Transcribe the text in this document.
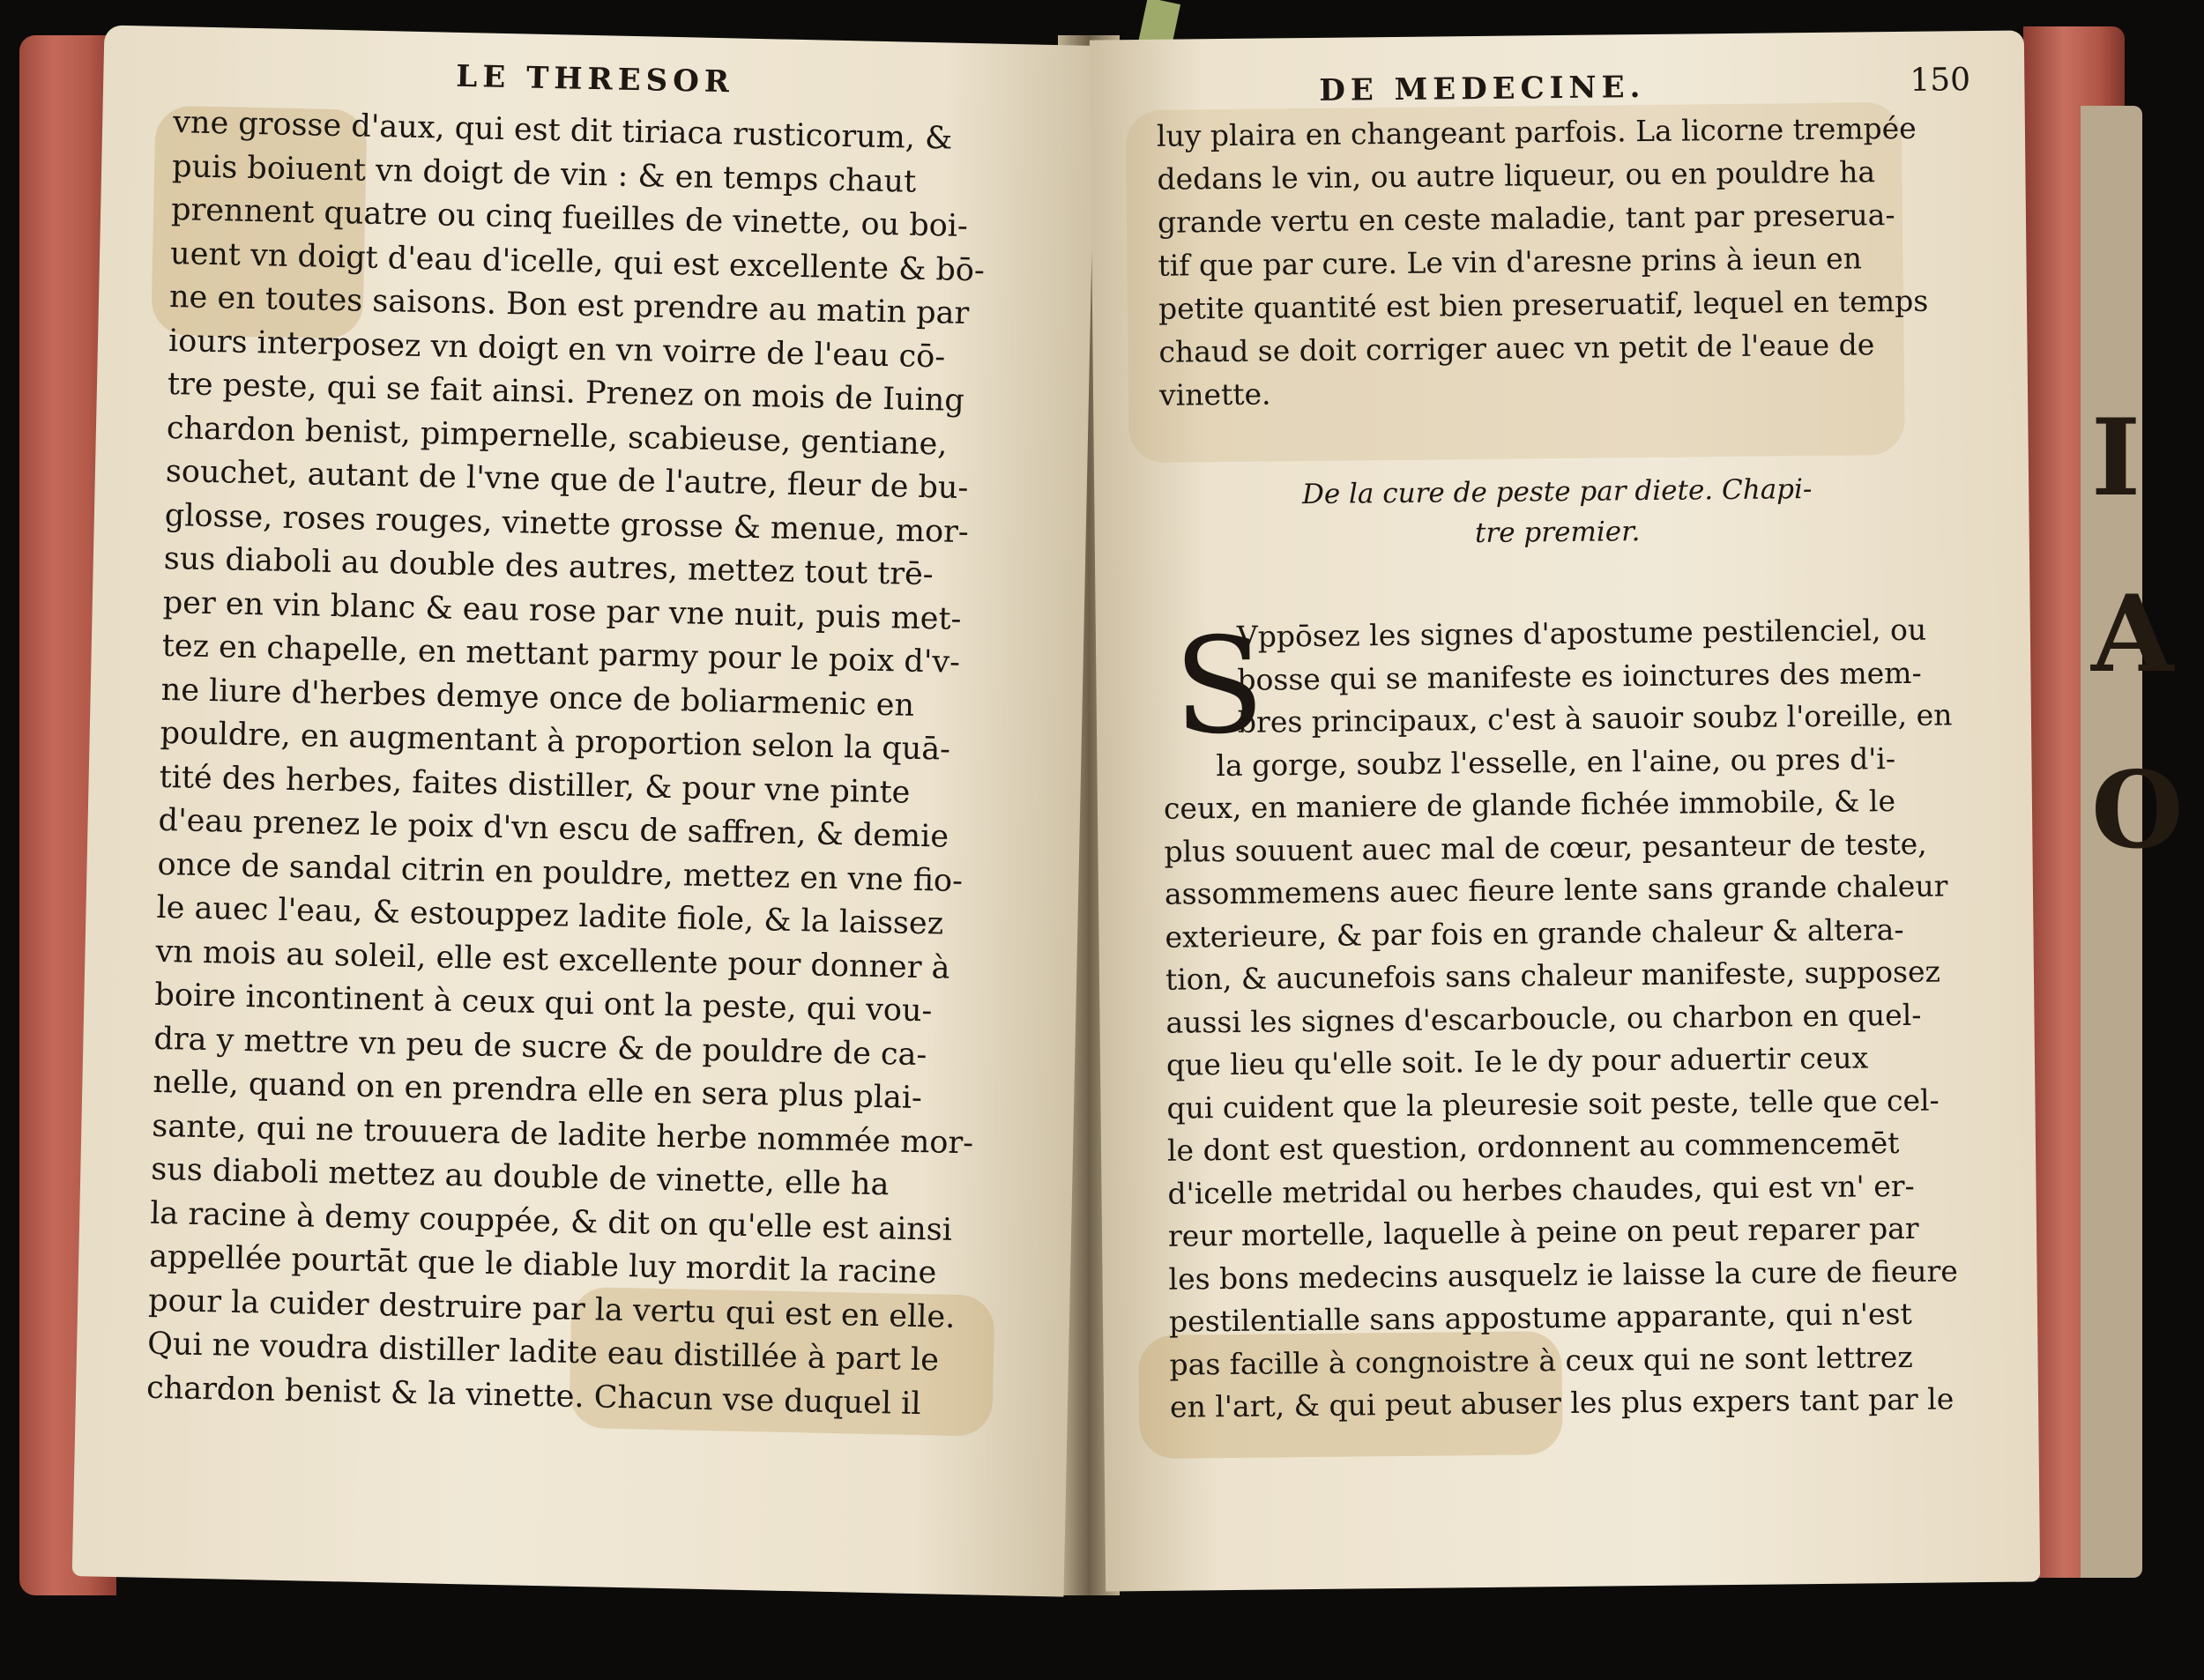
I
A
O
LE THRESOR
vne grosse d'aux, qui est dit tiriaca rusticorum, &
puis boiuent vn doigt de vin : & en temps chaut
prennent quatre ou cinq fueilles de vinette, ou boi-
uent vn doigt d'eau d'icelle, qui est excellente & bō-
ne en toutes saisons. Bon est prendre au matin par
iours interposez vn doigt en vn voirre de l'eau cō-
tre peste, qui se fait ainsi. Prenez on mois de Iuing
chardon benist, pimpernelle, scabieuse, gentiane,
souchet, autant de l'vne que de l'autre, fleur de bu-
glosse, roses rouges, vinette grosse & menue, mor-
sus diaboli au double des autres, mettez tout trē-
per en vin blanc & eau rose par vne nuit, puis met-
tez en chapelle, en mettant parmy pour le poix d'v-
ne liure d'herbes demye once de boliarmenic en
pouldre, en augmentant à proportion selon la quā-
tité des herbes, faites distiller, & pour vne pinte
d'eau prenez le poix d'vn escu de saffren, & demie
once de sandal citrin en pouldre, mettez en vne fio-
le auec l'eau, & estouppez ladite fiole, & la laissez
vn mois au soleil, elle est excellente pour donner à
boire incontinent à ceux qui ont la peste, qui vou-
dra y mettre vn peu de sucre & de pouldre de ca-
nelle, quand on en prendra elle en sera plus plai-
sante, qui ne trouuera de ladite herbe nommée mor-
sus diaboli mettez au double de vinette, elle ha
la racine à demy couppée, & dit on qu'elle est ainsi
appellée pourtāt que le diable luy mordit la racine
pour la cuider destruire par la vertu qui est en elle.
Qui ne voudra distiller ladite eau distillée à part le
chardon benist & la vinette. Chacun vse duquel il
DE MEDECINE.	150
luy plaira en changeant parfois. La licorne trempée
dedans le vin, ou autre liqueur, ou en pouldre ha
grande vertu en ceste maladie, tant par preserua-
tif que par cure. Le vin d'aresne prins à ieun en
petite quantité est bien preseruatif, lequel en temps
chaud se doit corriger auec vn petit de l'eaue de
vinette.
De la cure de peste par diete. Chapi-
tre premier.
S
Vppōsez les signes d'apostume pestilenciel, ou
bosse qui se manifeste es ioinctures des mem-
bres principaux, c'est à sauoir soubz l'oreille, en
la gorge, soubz l'esselle, en l'aine, ou pres d'i-
ceux, en maniere de glande fichée immobile, & le
plus souuent auec mal de cœur, pesanteur de teste,
assommemens auec fieure lente sans grande chaleur
exterieure, & par fois en grande chaleur & altera-
tion, & aucunefois sans chaleur manifeste, supposez
aussi les signes d'escarboucle, ou charbon en quel-
que lieu qu'elle soit. Ie le dy pour aduertir ceux
qui cuident que la pleuresie soit peste, telle que cel-
le dont est question, ordonnent au commencemēt
d'icelle metridal ou herbes chaudes, qui est vn' er-
reur mortelle, laquelle à peine on peut reparer par
les bons medecins ausquelz ie laisse la cure de fieure
pestilentialle sans appostume apparante, qui n'est
pas facille à congnoistre à ceux qui ne sont lettrez
en l'art, & qui peut abuser les plus expers tant par le
